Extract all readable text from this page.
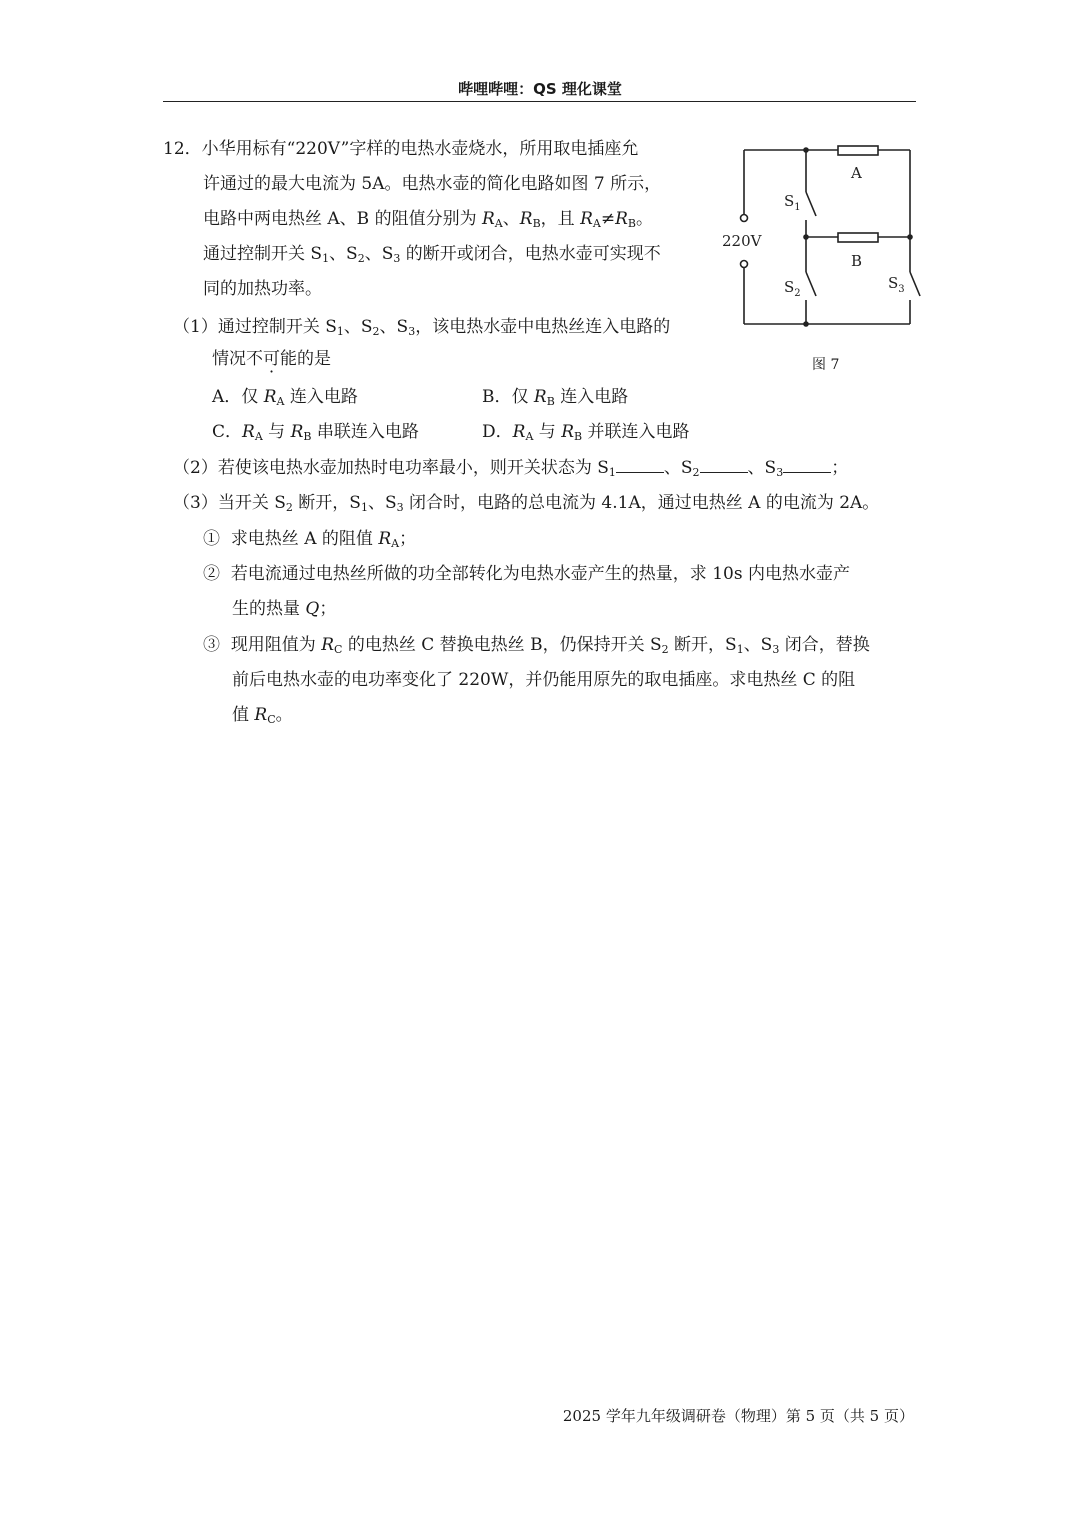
哔哩哔哩：QS 理化课堂
12．小华用标有“220V”字样的电热水壶烧水，所用取电插座允
许通过的最大电流为 5A。电热水壶的简化电路如图 7 所示，
电路中两电热丝 A、B 的阻值分别为 RA、RB，且 RA≠RB。
通过控制开关 S1、S2、S3 的断开或闭合，电热水壶可实现不
同的加热功率。
（1）通过控制开关 S1、S2、S3，该电热水壶中电热丝连入电路的
情况不可能的是
A．仅 RA 连入电路	B．仅 RB 连入电路
C．RA 与 RB 串联连入电路	D．RA 与 RB 并联连入电路
（2）若使该电热水壶加热时电功率最小，则开关状态为 S1	、S2	、S3	；
（3）当开关 S2 断开，S1、S3 闭合时，电路的总电流为 4.1A，通过电热丝 A 的电流为 2A。
① 求电热丝 A 的阻值 RA；
② 若电流通过电热丝所做的功全部转化为电热水壶产生的热量，求 10s 内电热水壶产
生的热量 Q；
③ 现用阻值为 RC 的电热丝 C 替换电热丝 B，仍保持开关 S2 断开，S1、S3 闭合，替换
前后电热水壶的电功率变化了 220W，并仍能用原先的取电插座。求电热丝 C 的阻
值 RC。
220V
A
B
$S_1$
$S_2$
$S_3$
图 7
2025 学年九年级调研卷（物理）第 5 页（共 5 页）
